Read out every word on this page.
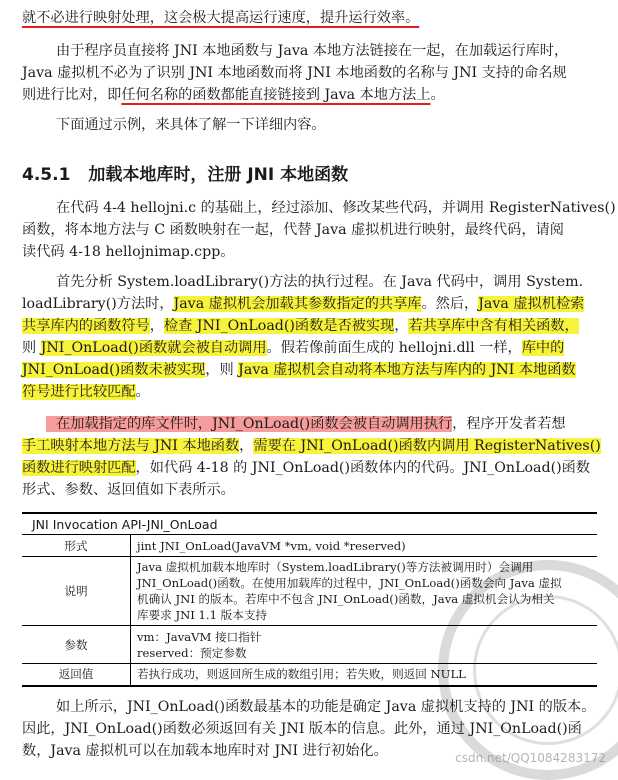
就不必进行映射处理，这会极大提高运行速度，提升运行效率。
由于程序员直接将 JNI 本地函数与 Java 本地方法链接在一起，在加载运行库时，
Java 虚拟机不必为了识别 JNI 本地函数而将 JNI 本地函数的名称与 JNI 支持的命名规
则进行比对，即任何名称的函数都能直接链接到 Java 本地方法上。
下面通过示例，来具体了解一下详细内容。
4.5.1 加载本地库时，注册 JNI 本地函数
在代码 4-4 hellojni.c 的基础上，经过添加、修改某些代码，并调用 RegisterNatives()
函数，将本地方法与 C 函数映射在一起，代替 Java 虚拟机进行映射，最终代码，请阅
读代码 4-18 hellojnimap.cpp。
首先分析 System.loadLibrary()方法的执行过程。在 Java 代码中，调用 System.
loadLibrary()方法时，Java 虚拟机会加载其参数指定的共享库。然后，Java 虚拟机检索
共享库内的函数符号，检查 JNI_OnLoad()函数是否被实现，若共享库中含有相关函数，
则 JNI_OnLoad()函数就会被自动调用。假若像前面生成的 hellojni.dll 一样，库中的
JNI_OnLoad()函数未被实现，则 Java 虚拟机会自动将本地方法与库内的 JNI 本地函数
符号进行比较匹配。
在加载指定的库文件时，JNI_OnLoad()函数会被自动调用执行，程序开发者若想
手工映射本地方法与 JNI 本地函数，需要在 JNI_OnLoad()函数内调用 RegisterNatives()
函数进行映射匹配，如代码 4-18 的 JNI_OnLoad()函数体内的代码。JNI_OnLoad()函数
形式、参数、返回值如下表所示。
JNI Invocation API-JNI_OnLoad
形式	jint JNI_OnLoad(JavaVM *vm, void *reserved)

说明	Java 虚拟机加载本地库时（System.loadLibrary()等方法被调用时）会调用
JNI_OnLoad()函数。在使用加载库的过程中，JNI_OnLoad()函数会向 Java 虚拟
机确认 JNI 的版本。若库中不包含 JNI_OnLoad()函数，Java 虚拟机会认为相关
库要求 JNI 1.1 版本支持

参数	vm：JavaVM 接口指针
reserved：预定参数

返回值	若执行成功，则返回所生成的数组引用；若失败，则返回 NULL
如上所示，JNI_OnLoad()函数最基本的功能是确定 Java 虚拟机支持的 JNI 的版本。
因此，JNI_OnLoad()函数必须返回有关 JNI 版本的信息。此外，通过 JNI_OnLoad()函
数，Java 虚拟机可以在加载本地库时对 JNI 进行初始化。	csdn.net/QQ1084283172
